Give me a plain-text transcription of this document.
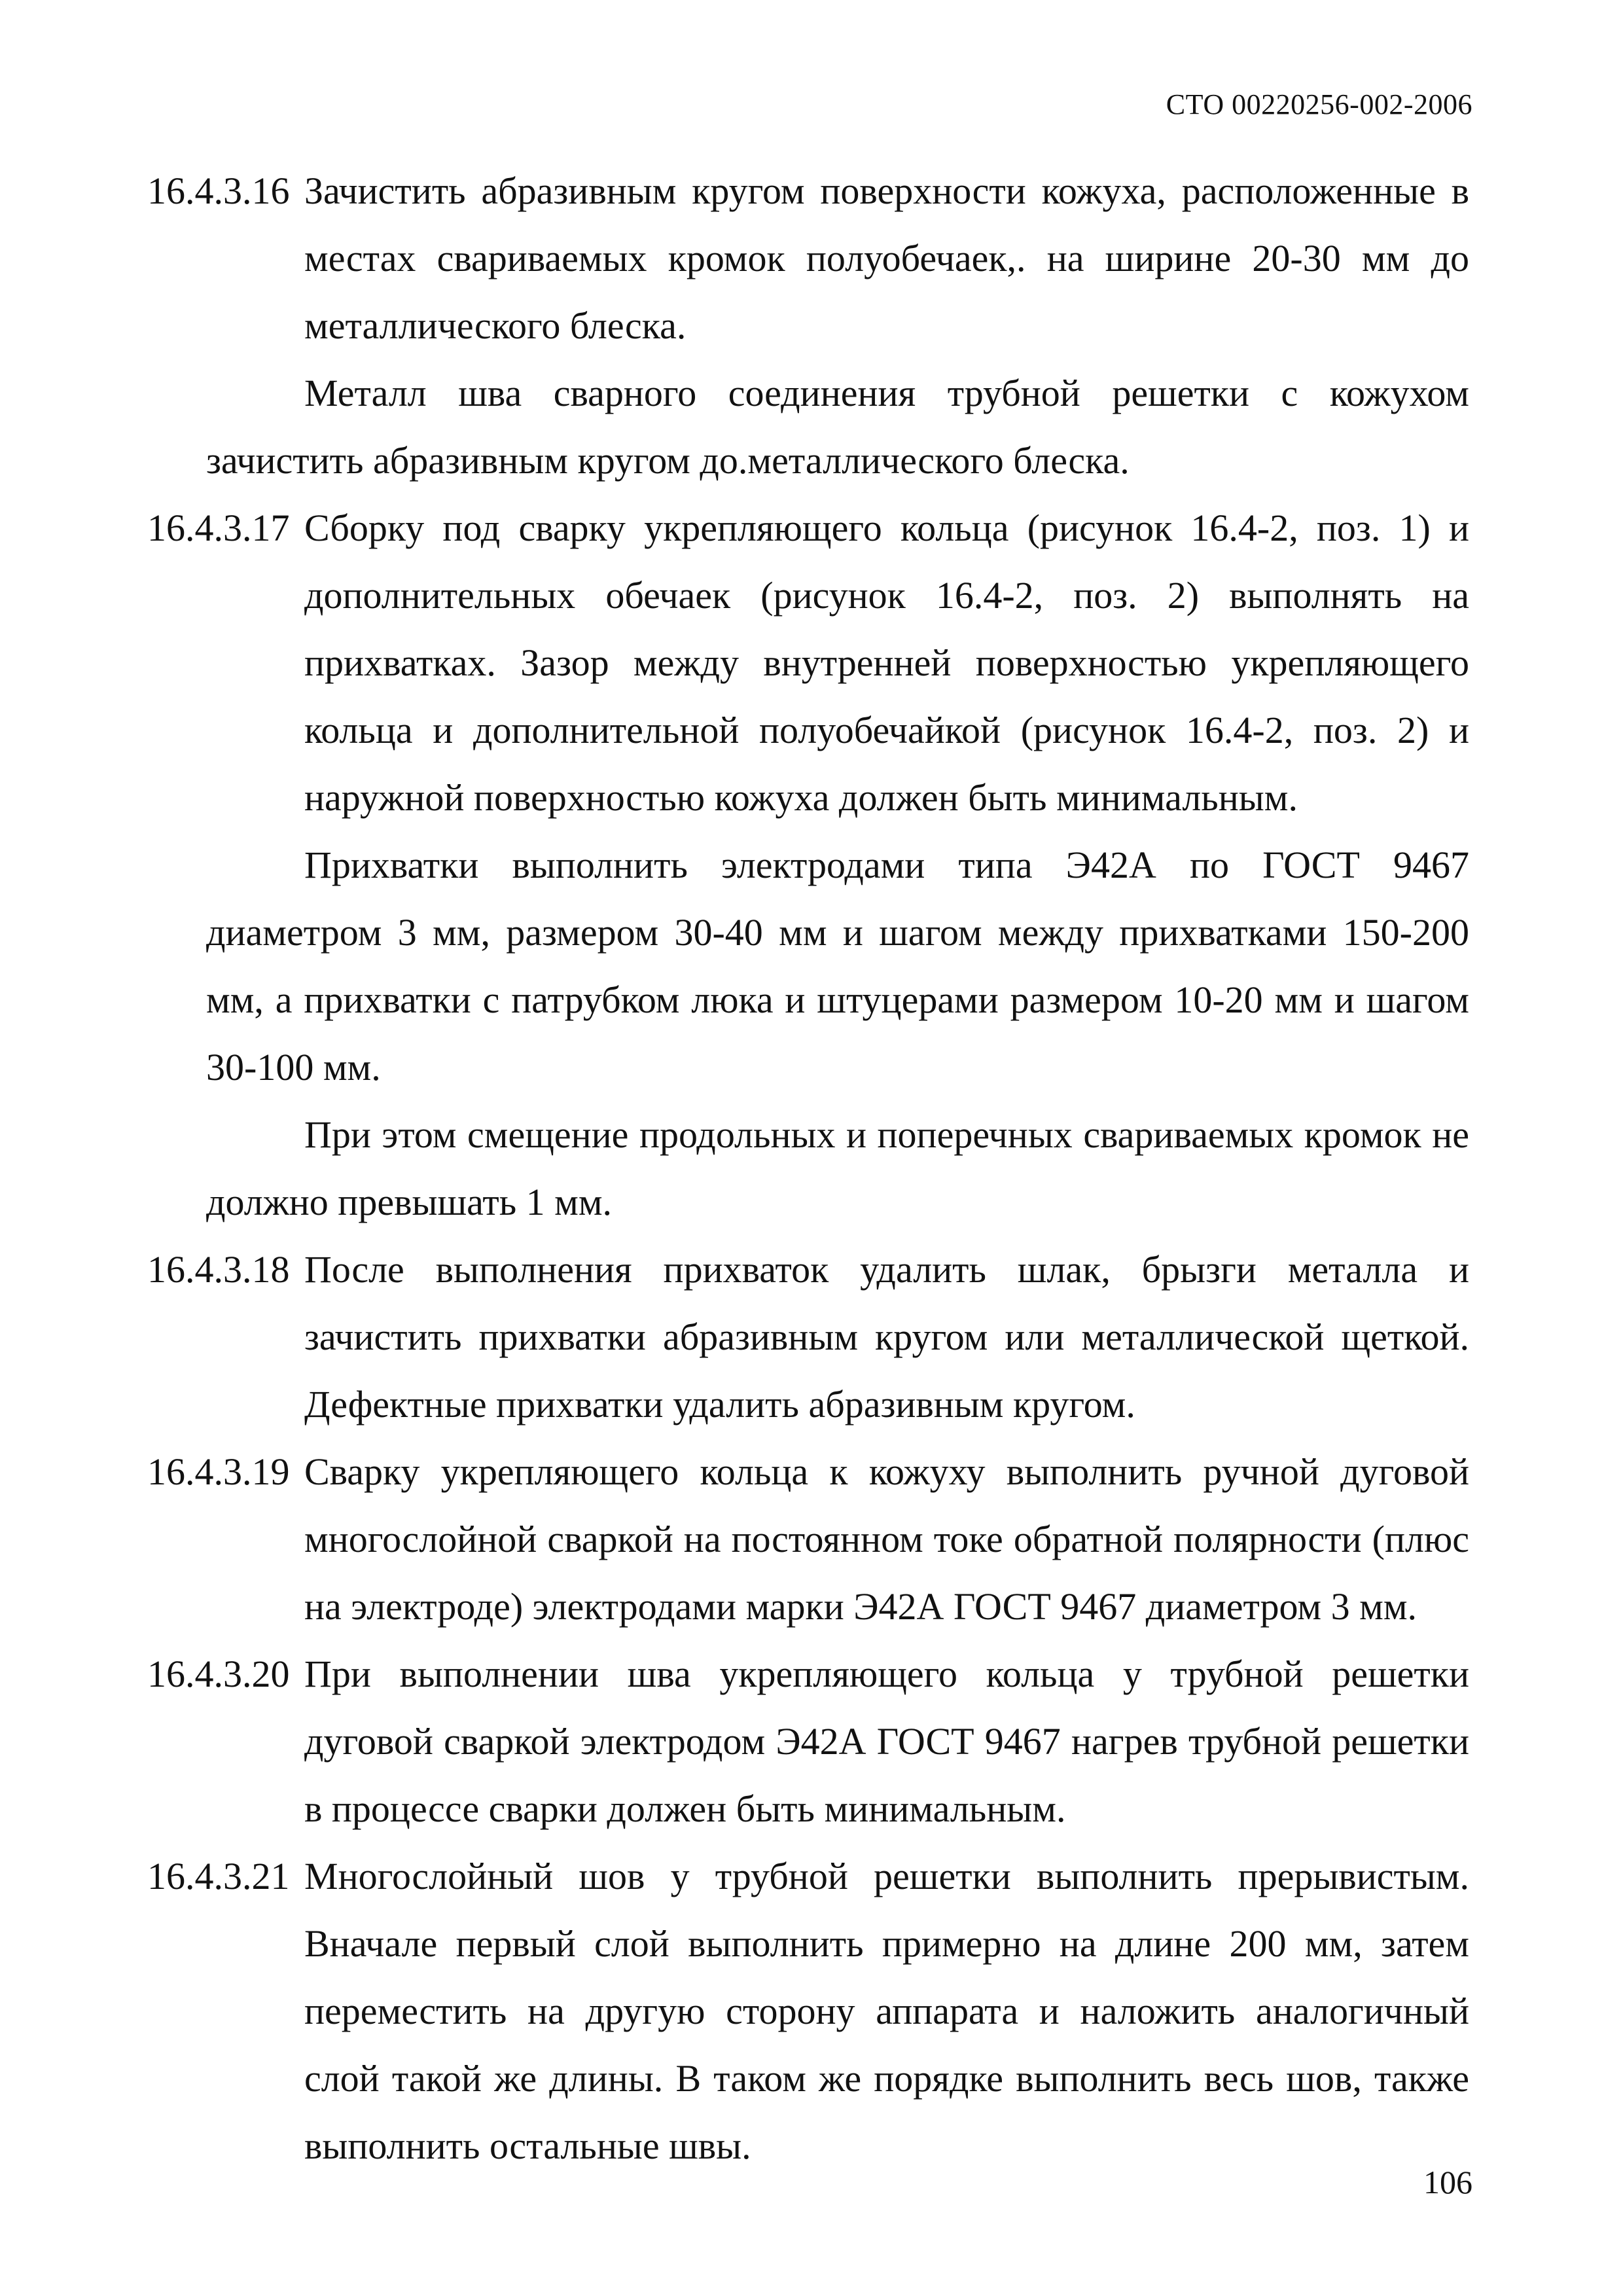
СТО 00220256-002-2006
16.4.3.16 Зачистить абразивным кругом поверхности кожуха, расположенные в местах свариваемых кромок полуобечаек,. на ширине 20-30 мм до металлического блеска.
Металл шва сварного соединения трубной решетки с кожухом зачистить абразивным кругом до.металлического блеска.
16.4.3.17 Сборку под сварку укрепляющего кольца (рисунок 16.4-2, поз. 1) и дополнительных обечаек (рисунок 16.4-2, поз. 2) выполнять на прихватках. Зазор между внутренней поверхностью укрепляющего кольца и дополнительной полуобечайкой (рисунок 16.4-2, поз. 2) и наружной поверхностью кожуха должен быть минимальным.
Прихватки выполнить электродами типа Э42А по ГОСТ 9467 диаметром 3 мм, размером 30-40 мм и шагом между прихватками 150-200 мм, а прихватки с патрубком люка и штуцерами размером 10-20 мм и шагом 30-100 мм.
При этом смещение продольных и поперечных свариваемых кромок не должно превышать 1 мм.
16.4.3.18 После выполнения прихваток удалить шлак, брызги металла и зачистить прихватки абразивным кругом или металлической щеткой. Дефектные прихватки удалить абразивным кругом.
16.4.3.19 Сварку укрепляющего кольца к кожуху выполнить ручной дуговой многослойной сваркой на постоянном токе обратной полярности (плюс на электроде) электродами марки Э42А ГОСТ 9467 диаметром 3 мм.
16.4.3.20 При выполнении шва укрепляющего кольца у трубной решетки дуговой сваркой электродом Э42А ГОСТ 9467 нагрев трубной решетки в процессе сварки должен быть минимальным.
16.4.3.21 Многослойный шов у трубной решетки выполнить прерывистым. Вначале первый слой выполнить примерно на длине 200 мм, затем переместить на другую сторону аппарата и наложить аналогичный слой такой же длины. В таком же порядке выполнить весь шов, также выполнить остальные швы.
106
